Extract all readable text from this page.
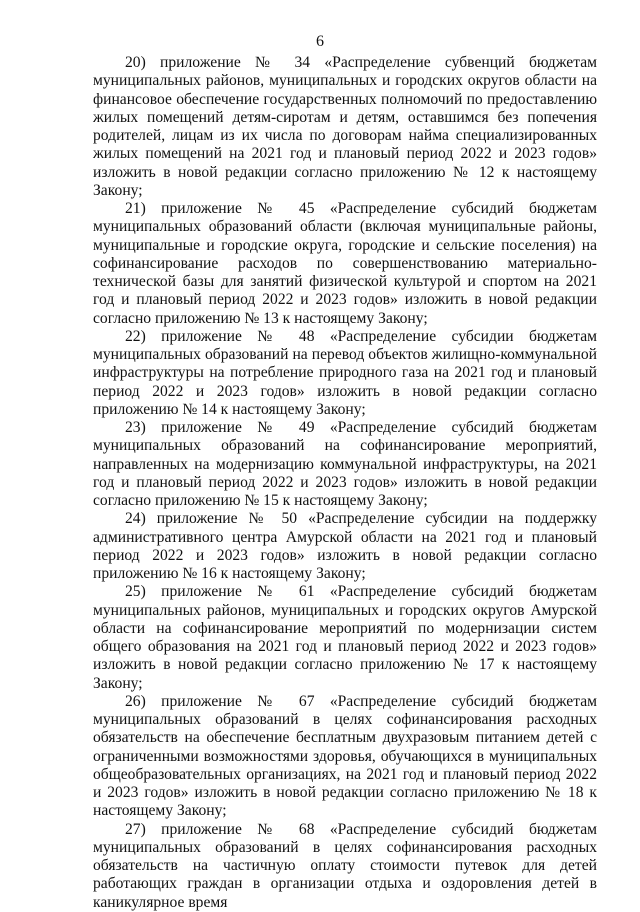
6

20) приложение № 34 «Распределение субвенций бюджетам муниципальных районов, муниципальных и городских округов области на финансовое обеспечение государственных полномочий по предоставлению жилых помещений детям-сиротам и детям, оставшимся без попечения родителей, лицам из их числа по договорам найма специализированных жилых помещений на 2021 год и плановый период 2022 и 2023 годов» изложить в новой редакции согласно приложению № 12 к настоящему Закону;

21) приложение № 45 «Распределение субсидий бюджетам муниципальных образований области (включая муниципальные районы, муниципальные и городские округа, городские и сельские поселения) на софинансирование расходов по совершенствованию материально-технической базы для занятий физической культурой и спортом на 2021 год и плановый период 2022 и 2023 годов» изложить в новой редакции согласно приложению № 13 к настоящему Закону;

22) приложение № 48 «Распределение субсидии бюджетам муниципальных образований на перевод объектов жилищно-коммунальной инфраструктуры на потребление природного газа на 2021 год и плановый период 2022 и 2023 годов» изложить в новой редакции согласно приложению № 14 к настоящему Закону;

23) приложение № 49 «Распределение субсидий бюджетам муниципальных образований на софинансирование мероприятий, направленных на модернизацию коммунальной инфраструктуры, на 2021 год и плановый период 2022 и 2023 годов» изложить в новой редакции согласно приложению № 15 к настоящему Закону;

24) приложение № 50 «Распределение субсидии на поддержку административного центра Амурской области на 2021 год и плановый период 2022 и 2023 годов» изложить в новой редакции согласно приложению № 16 к настоящему Закону;

25) приложение № 61 «Распределение субсидий бюджетам муниципальных районов, муниципальных и городских округов Амурской области на софинансирование мероприятий по модернизации систем общего образования на 2021 год и плановый период 2022 и 2023 годов» изложить в новой редакции согласно приложению № 17 к настоящему Закону;

26) приложение № 67 «Распределение субсидий бюджетам муниципальных образований в целях софинансирования расходных обязательств на обеспечение бесплатным двухразовым питанием детей с ограниченными возможностями здоровья, обучающихся в муниципальных общеобразовательных организациях, на 2021 год и плановый период 2022 и 2023 годов» изложить в новой редакции согласно приложению № 18 к настоящему Закону;

27) приложение № 68 «Распределение субсидий бюджетам муниципальных образований в целях софинансирования расходных обязательств на частичную оплату стоимости путевок для детей работающих граждан в организации отдыха и оздоровления детей в каникулярное время
